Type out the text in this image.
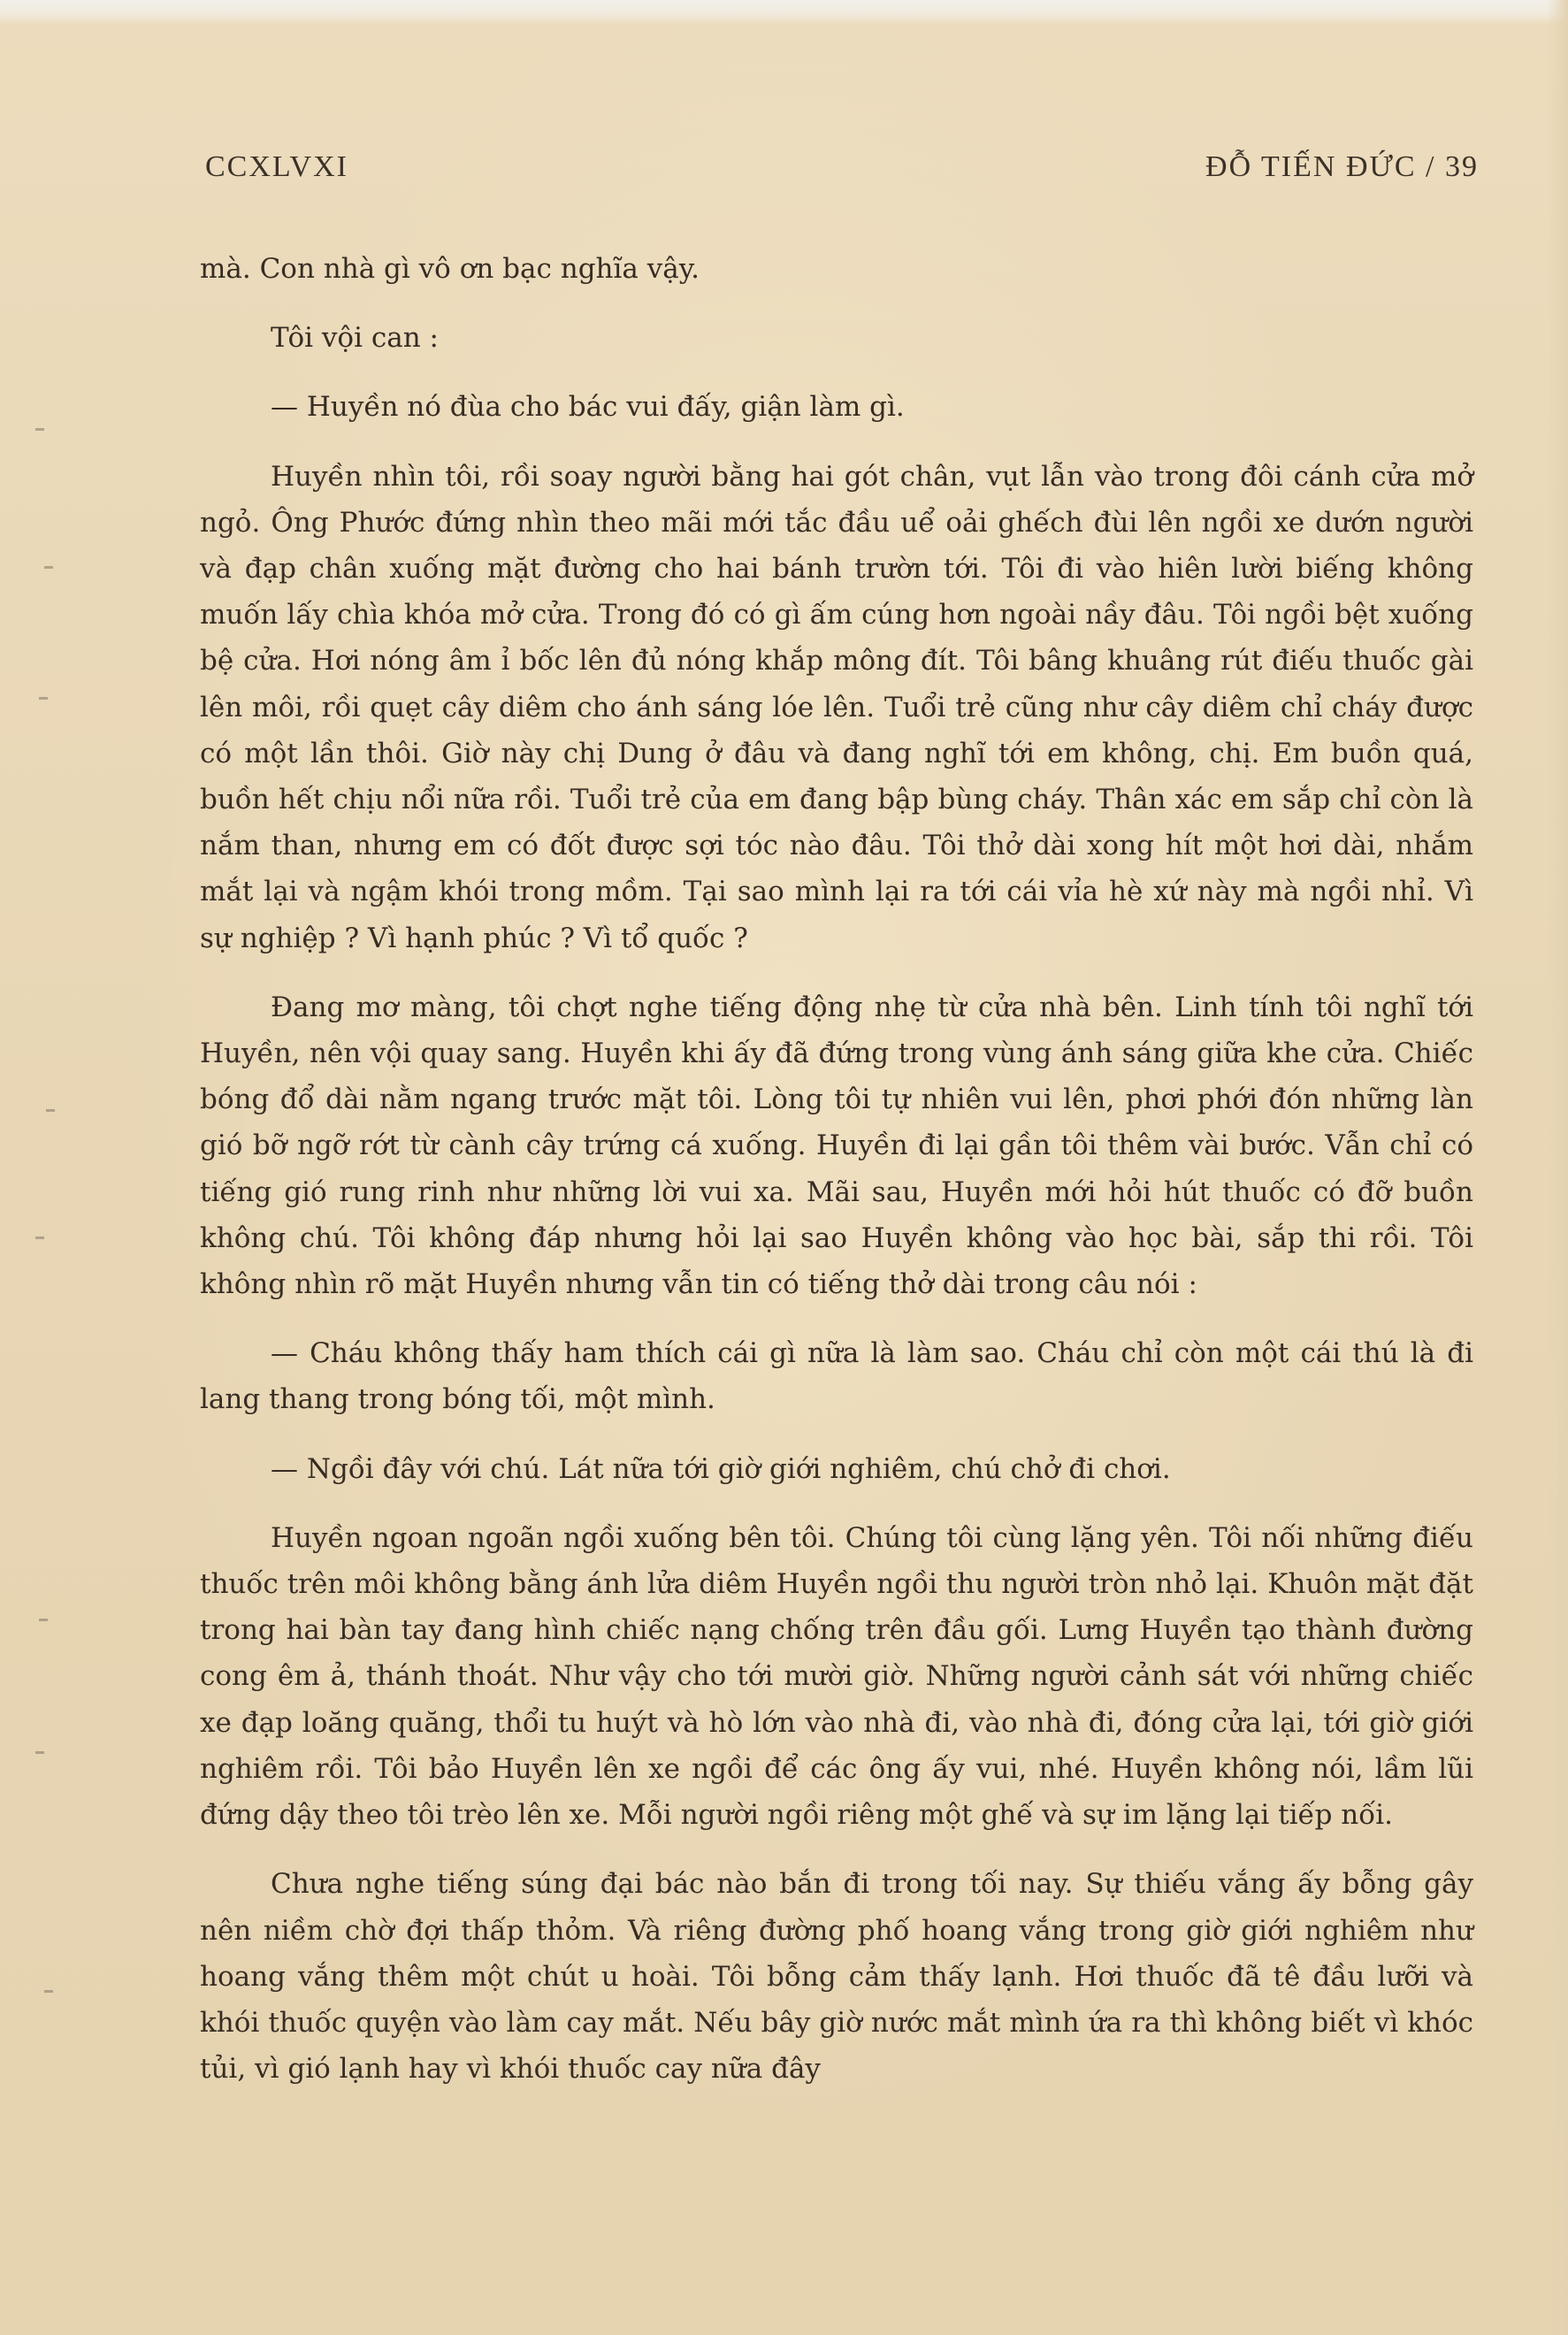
CCXLVXI	ĐỖ TIẾN ĐỨC / 39

mà. Con nhà gì vô ơn bạc nghĩa vậy.

Tôi vội can :

— Huyền nó đùa cho bác vui đấy, giận làm gì.

Huyền nhìn tôi, rồi soay người bằng hai gót chân, vụt lẫn vào trong đôi cánh cửa mở ngỏ. Ông Phước đứng nhìn theo mãi mới tắc đầu uể oải ghếch đùi lên ngồi xe dướn người và đạp chân xuống mặt đường cho hai bánh trườn tới. Tôi đi vào hiên lười biếng không muốn lấy chìa khóa mở cửa. Trong đó có gì ấm cúng hơn ngoài nầy đâu. Tôi ngồi bệt xuống bệ cửa. Hơi nóng âm ỉ bốc lên đủ nóng khắp mông đít. Tôi bâng khuâng rút điếu thuốc gài lên môi, rồi quẹt cây diêm cho ánh sáng lóe lên. Tuổi trẻ cũng như cây diêm chỉ cháy được có một lần thôi. Giờ này chị Dung ở đâu và đang nghĩ tới em không, chị. Em buồn quá, buồn hết chịu nổi nữa rồi. Tuổi trẻ của em đang bập bùng cháy. Thân xác em sắp chỉ còn là nắm than, nhưng em có đốt được sợi tóc nào đâu. Tôi thở dài xong hít một hơi dài, nhắm mắt lại và ngậm khói trong mồm. Tại sao mình lại ra tới cái vỉa hè xứ này mà ngồi nhỉ. Vì sự nghiệp ? Vì hạnh phúc ? Vì tổ quốc ?

Đang mơ màng, tôi chợt nghe tiếng động nhẹ từ cửa nhà bên. Linh tính tôi nghĩ tới Huyền, nên vội quay sang. Huyền khi ấy đã đứng trong vùng ánh sáng giữa khe cửa. Chiếc bóng đổ dài nằm ngang trước mặt tôi. Lòng tôi tự nhiên vui lên, phơi phới đón những làn gió bỡ ngỡ rớt từ cành cây trứng cá xuống. Huyền đi lại gần tôi thêm vài bước. Vẫn chỉ có tiếng gió rung rinh như những lời vui xa. Mãi sau, Huyền mới hỏi hút thuốc có đỡ buồn không chú. Tôi không đáp nhưng hỏi lại sao Huyền không vào học bài, sắp thi rồi. Tôi không nhìn rõ mặt Huyền nhưng vẫn tin có tiếng thở dài trong câu nói :

— Cháu không thấy ham thích cái gì nữa là làm sao. Cháu chỉ còn một cái thú là đi lang thang trong bóng tối, một mình.

— Ngồi đây với chú. Lát nữa tới giờ giới nghiêm, chú chở đi chơi.

Huyền ngoan ngoãn ngồi xuống bên tôi. Chúng tôi cùng lặng yên. Tôi nối những điếu thuốc trên môi không bằng ánh lửa diêm Huyền ngồi thu người tròn nhỏ lại. Khuôn mặt đặt trong hai bàn tay đang hình chiếc nạng chống trên đầu gối. Lưng Huyền tạo thành đường cong êm ả, thánh thoát. Như vậy cho tới mười giờ. Những người cảnh sát với những chiếc xe đạp loăng quăng, thổi tu huýt và hò lớn vào nhà đi, vào nhà đi, đóng cửa lại, tới giờ giới nghiêm rồi. Tôi bảo Huyền lên xe ngồi để các ông ấy vui, nhé. Huyền không nói, lầm lũi đứng dậy theo tôi trèo lên xe. Mỗi người ngồi riêng một ghế và sự im lặng lại tiếp nối.

Chưa nghe tiếng súng đại bác nào bắn đi trong tối nay. Sự thiếu vắng ấy bỗng gây nên niềm chờ đợi thấp thỏm. Và riêng đường phố hoang vắng trong giờ giới nghiêm như hoang vắng thêm một chút u hoài. Tôi bỗng cảm thấy lạnh. Hơi thuốc đã tê đầu lưỡi và khói thuốc quyện vào làm cay mắt. Nếu bây giờ nước mắt mình ứa ra thì không biết vì khóc tủi, vì gió lạnh hay vì khói thuốc cay nữa đây
